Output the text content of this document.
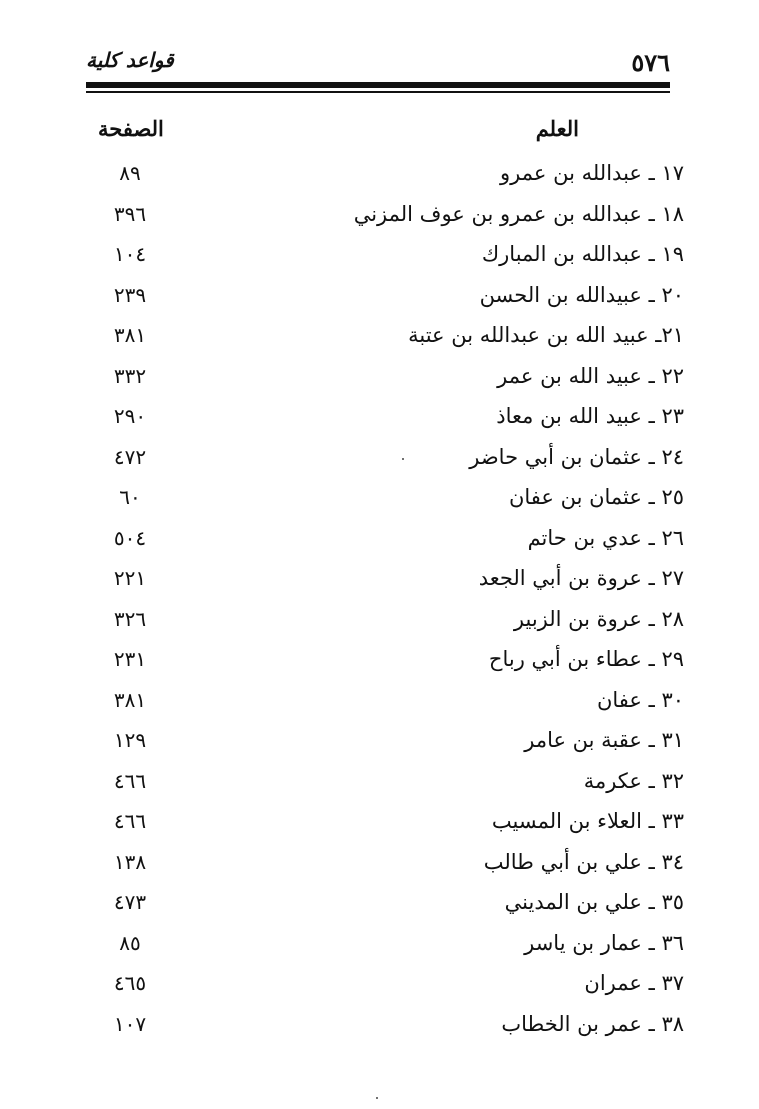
٥٧٦
قواعد كلية
العلم
الصفحة
١٧ ـ عبدالله بن عمرو
٨٩
١٨ ـ عبدالله بن عمرو بن عوف المزني
٣٩٦
١٩ ـ عبدالله بن المبارك
١٠٤
٢٠ ـ عبيدالله بن الحسن
٢٣٩
٢١ـ عبيد الله بن عبدالله بن عتبة
٣٨١
٢٢ ـ عبيد الله بن عمر
٣٣٢
٢٣ ـ عبيد الله بن معاذ
٢٩٠
٢٤ ـ عثمان بن أبي حاضر
٤٧٢
٢٥ ـ عثمان بن عفان
٦٠
٢٦ ـ عدي بن حاتم
٥٠٤
٢٧ ـ عروة بن أبي الجعد
٢٢١
٢٨ ـ عروة بن الزبير
٣٢٦
٢٩ ـ عطاء بن أبي رباح
٢٣١
٣٠ ـ عفان
٣٨١
٣١ ـ عقبة بن عامر
١٢٩
٣٢ ـ عكرمة
٤٦٦
٣٣ ـ العلاء بن المسيب
٤٦٦
٣٤ ـ علي بن أبي طالب
١٣٨
٣٥ ـ علي بن المديني
٤٧٣
٣٦ ـ عمار بن ياسر
٨٥
٣٧ ـ عمران
٤٦٥
٣٨ ـ عمر بن الخطاب
١٠٧
